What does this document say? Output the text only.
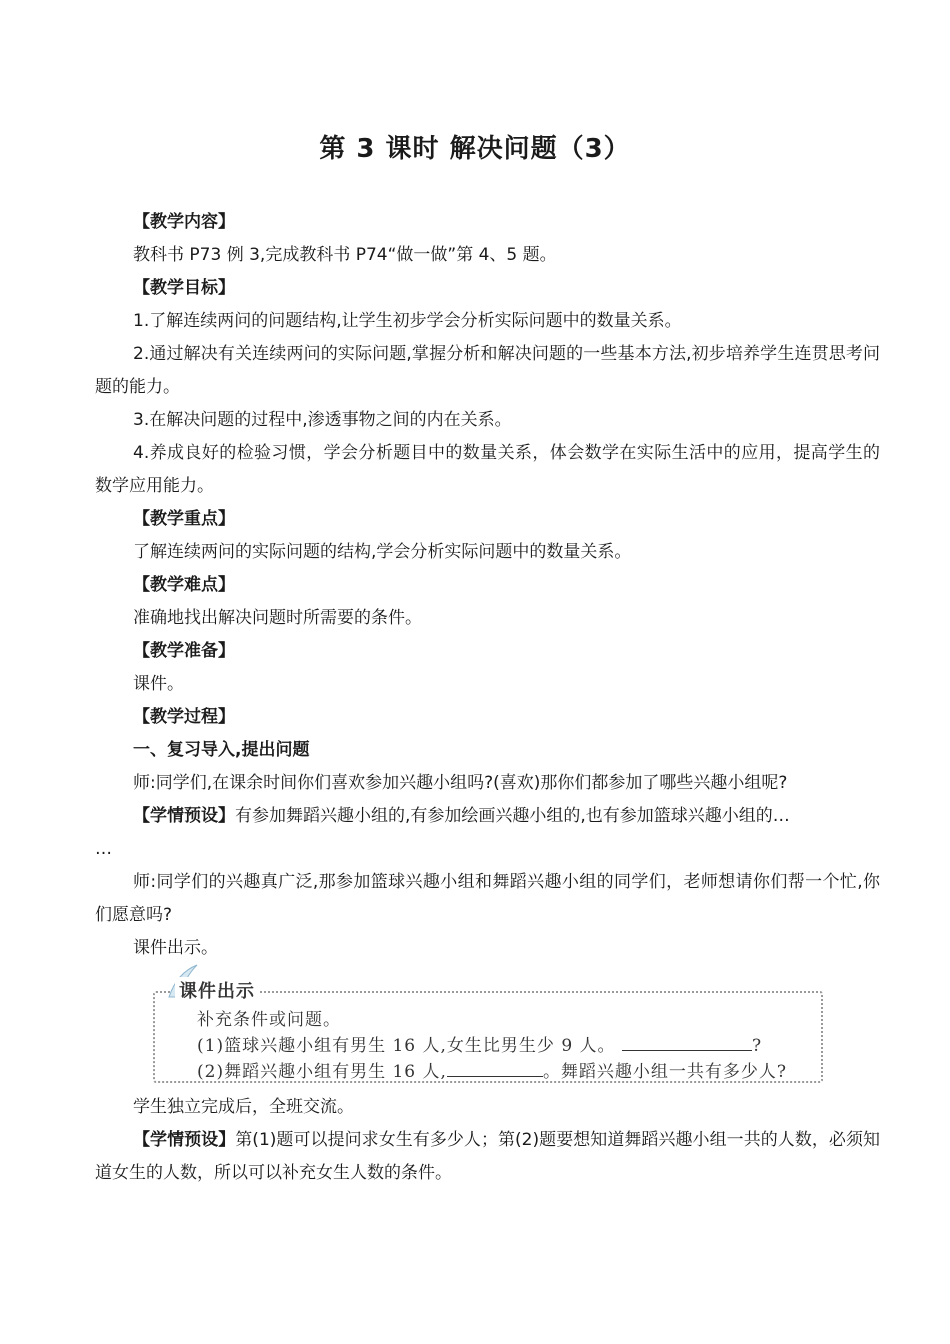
第 3 课时 解决问题（3）

【教学内容】

教科书 P73 例 3,完成教科书 P74“做一做”第 4、5 题。

【教学目标】

1.了解连续两问的问题结构,让学生初步学会分析实际问题中的数量关系。

2.通过解决有关连续两问的实际问题,掌握分析和解决问题的一些基本方法,初步培养学生连贯思考问题的能力。

3.在解决问题的过程中,渗透事物之间的内在关系。

4.养成良好的检验习惯，学会分析题目中的数量关系，体会数学在实际生活中的应用，提高学生的数学应用能力。

【教学重点】

了解连续两问的实际问题的结构,学会分析实际问题中的数量关系。

【教学难点】

准确地找出解决问题时所需要的条件。

【教学准备】

课件。

【教学过程】

一、复习导入,提出问题

师:同学们,在课余时间你们喜欢参加兴趣小组吗?(喜欢)那你们都参加了哪些兴趣小组呢?

【学情预设】有参加舞蹈兴趣小组的,有参加绘画兴趣小组的,也有参加篮球兴趣小组的…

…

师:同学们的兴趣真广泛,那参加篮球兴趣小组和舞蹈兴趣小组的同学们，老师想请你们帮一个忙,你们愿意吗?

课件出示。

课件出示
补充条件或问题。
(1)篮球兴趣小组有男生 16 人,女生比男生少 9 人。	?
(2)舞蹈兴趣小组有男生 16 人,	。舞蹈兴趣小组一共有多少人?

学生独立完成后，全班交流。

【学情预设】第(1)题可以提问求女生有多少人；第(2)题要想知道舞蹈兴趣小组一共的人数，必须知道女生的人数，所以可以补充女生人数的条件。
